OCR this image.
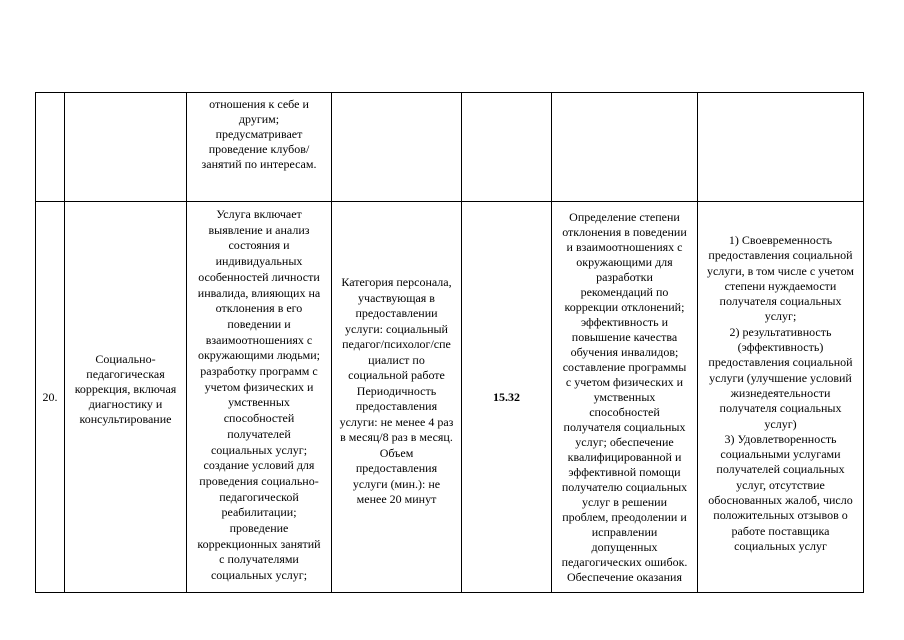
отношения к себе и
другим;
предусматривает
проведение клубов/
занятий по интересам.
20.
Социально-
педагогическая
коррекция, включая
диагностику и
консультирование
Услуга включает
выявление и анализ
состояния и
индивидуальных
особенностей личности
инвалида, влияющих на
отклонения в его
поведении и
взаимоотношениях с
окружающими людьми;
разработку программ с
учетом физических и
умственных
способностей
получателей
социальных услуг;
создание условий для
проведения социально-
педагогической
реабилитации;
проведение
коррекционных занятий
с получателями
социальных услуг;
Категория персонала,
участвующая в
предоставлении
услуги: социальный
педагог/психолог/спе
циалист по
социальной работе
Периодичность
предоставления
услуги: не менее 4 раз
в месяц/8 раз в месяц.
Объем
предоставления
услуги (мин.): не
менее 20 минут
15.32
Определение степени
отклонения в поведении
и взаимоотношениях с
окружающими для
разработки
рекомендаций по
коррекции отклонений;
эффективность и
повышение качества
обучения инвалидов;
составление программы
с учетом физических и
умственных
способностей
получателя социальных
услуг; обеспечение
квалифицированной и
эффективной помощи
получателю социальных
услуг в решении
проблем, преодолении и
исправлении
допущенных
педагогических ошибок.
Обеспечение оказания
1) Своевременность
предоставления социальной
услуги, в том числе с учетом
степени нуждаемости
получателя социальных
услуг;
2) результативность
(эффективность)
предоставления социальной
услуги (улучшение условий
жизнедеятельности
получателя социальных
услуг)
3) Удовлетворенность
социальными услугами
получателей социальных
услуг, отсутствие
обоснованных жалоб, число
положительных отзывов о
работе поставщика
социальных услуг
